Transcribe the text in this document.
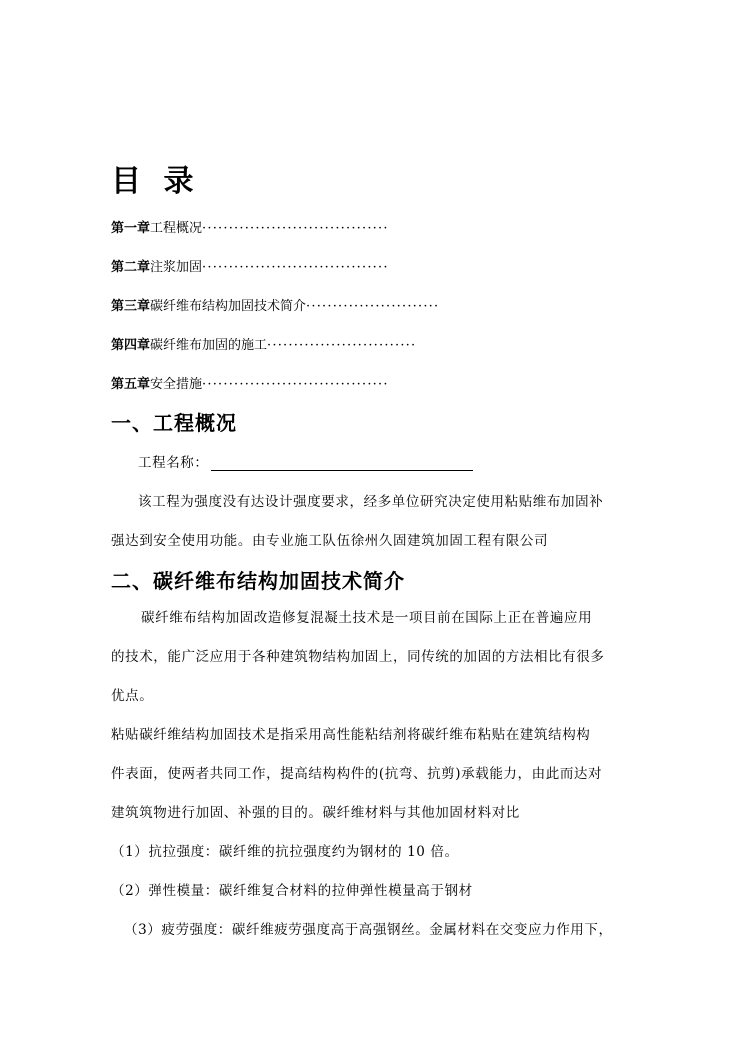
目 录
第一章工程概况···································
第二章注浆加固···································
第三章碳纤维布结构加固技术简介·························
第四章碳纤维布加固的施工····························
第五章安全措施···································
一、工程概况
工程名称：
该工程为强度没有达设计强度要求，经多单位研究决定使用粘贴维布加固补
强达到安全使用功能。由专业施工队伍徐州久固建筑加固工程有限公司
二、碳纤维布结构加固技术简介
碳纤维布结构加固改造修复混凝土技术是一项目前在国际上正在普遍应用
的技术，能广泛应用于各种建筑物结构加固上，同传统的加固的方法相比有很多
优点。
粘贴碳纤维结构加固技术是指采用高性能粘结剂将碳纤维布粘贴在建筑结构构
件表面，使两者共同工作，提高结构构件的(抗弯、抗剪)承载能力，由此而达对
建筑筑物进行加固、补强的目的。碳纤维材料与其他加固材料对比
（1）抗拉强度：碳纤维的抗拉强度约为钢材的 10 倍。
（2）弹性模量：碳纤维复合材料的拉伸弹性模量高于钢材
（3）疲劳强度：碳纤维疲劳强度高于高强钢丝。金属材料在交变应力作用下，
